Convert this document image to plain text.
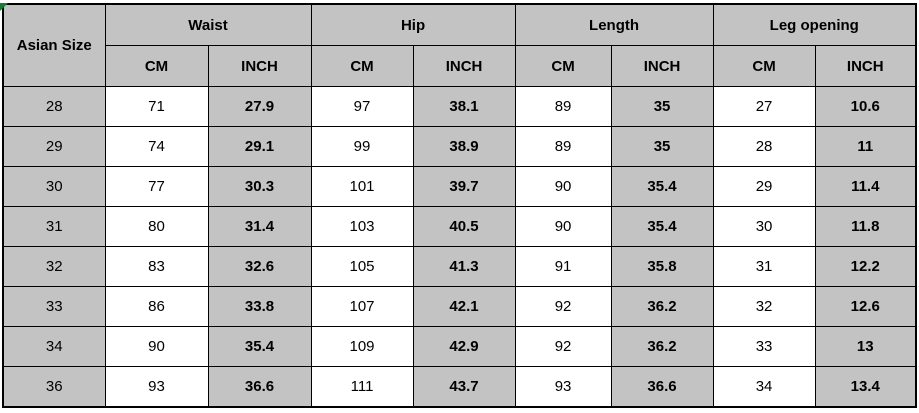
Asian Size	Waist		Hip		Length		Leg opening	
	CM	INCH	CM	INCH	CM	INCH	CM	INCH
28	71	27.9	97	38.1	89	35	27	10.6
29	74	29.1	99	38.9	89	35	28	11
30	77	30.3	101	39.7	90	35.4	29	11.4
31	80	31.4	103	40.5	90	35.4	30	11.8
32	83	32.6	105	41.3	91	35.8	31	12.2
33	86	33.8	107	42.1	92	36.2	32	12.6
34	90	35.4	109	42.9	92	36.2	33	13
36	93	36.6	111	43.7	93	36.6	34	13.4
